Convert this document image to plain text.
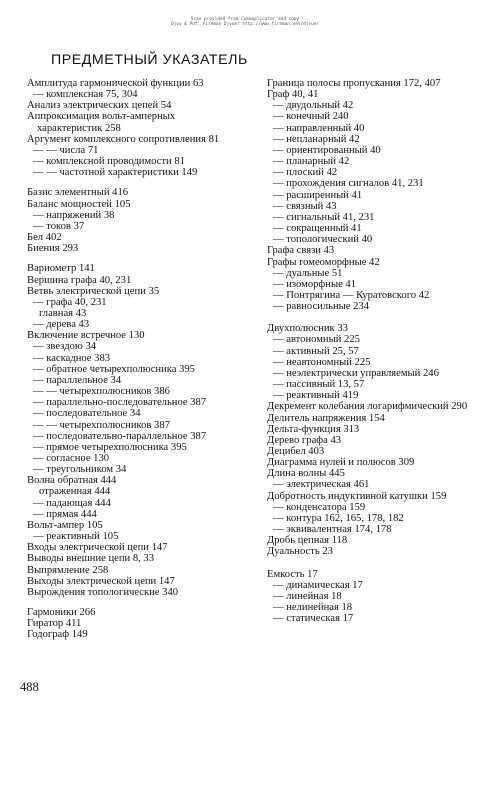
Scan provided from Commuplicator and copy
Djvu & Pdf: Fireman Djvuer http://www.fireman.net/djvuer
ПРЕДМЕТНЫЙ УКАЗАТЕЛЬ
Амплитуда гармонической функции 63
— комплексная 75, 304
Анализ электрических цепей 54
Аппроксимация вольт-амперных характеристик 258
Аргумент комплексного сопротивления 81
— — числа 71
— комплексной проводимости 81
— — частотной характеристики 149
Базис элементный 416
Баланс мощностей 105
— напряжений 38
— токов 37
Бел 402
Биения 293
Вариометр 141
Вершина графа 40, 231
Ветвь электрической цепи 35
— графа 40, 231
главная 43
— дерева 43
Включение встречное 130
— звездою 34
— каскадное 383
— обратное четырехполюсника 395
— параллельное 34
— — четырехполюсников 386
— параллельно-последовательное 387
— последовательное 34
— — четырехполюсников 387
— последовательно-параллельное 387
— прямое четырехполюсника 395
— согласное 130
— треугольником 34
Волна обратная 444
отраженная 444
— падающая 444
— прямая 444
Вольт-ампер 105
— реактивный 105
Входы электрической цепи 147
Выводы внешние цепи 8, 33
Выпрямление 258
Выходы электрической цепи 147
Вырождения топологические 340
Гармоники 266
Гиратор 411
Годограф 149
Граница полосы пропускания 172, 407
Граф 40, 41
— двудольный 42
— конечный 240
— направленный 40
— непланарный 42
— ориентированный 40
— планарный 42
— плоский 42
— прохождения сигналов 41, 231
— расширенный 41
— связный 43
— сигнальный 41, 231
— сокращенный 41
— топологический 40
Графа связи 43
Графы гомеоморфные 42
— дуальные 51
— изоморфные 41
— Понтрягина — Куратовского 42
— равносильные 234
Двухполюсник 33
— автономный 225
— активный 25, 57
— неавтономный 225
— неэлектрически управляемый 246
— пассивный 13, 57
— реактивный 419
Декремент колебания логарифмический 290
Делитель напряжения 154
Дельта-функция 313
Дерево графа 43
Децибел 403
Диаграмма нулей и полюсов 309
Длина волны 445
— электрическая 461
Добротность индуктивной катушки 159
— конденсатора 159
— контура 162, 165, 178, 182
— эквивалентная 174, 178
Дробь цепная 118
Дуальность 23
Емкость 17
— динамическая 17
— линейная 18
— нелинейная 18
— статическая 17
488
